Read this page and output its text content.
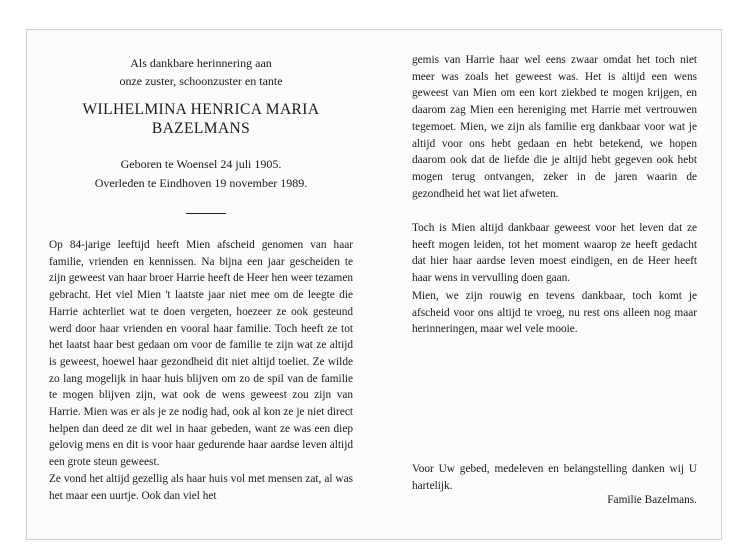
Als dankbare herinnering aan
onze zuster, schoonzuster en tante
WILHELMINA HENRICA MARIA
BAZELMANS
Geboren te Woensel 24 juli 1905.
Overleden te Eindhoven 19 november 1989.

Op 84-jarige leeftijd heeft Mien afscheid genomen van haar familie, vrienden en kennissen. Na bijna een jaar gescheiden te zijn geweest van haar broer Harrie heeft de Heer hen weer tezamen gebracht. Het viel Mien 't laatste jaar niet mee om de leegte die Harrie achterliet wat te doen vergeten, hoezeer ze ook gesteund werd door haar vrienden en vooral haar familie. Toch heeft ze tot het laatst haar best gedaan om voor de familie te zijn wat ze altijd is geweest, hoewel haar gezondheid dit niet altijd toeliet. Ze wilde zo lang mogelijk in haar huis blijven om zo de spil van de familie te mogen blijven zijn, wat ook de wens geweest zou zijn van Harrie. Mien was er als je ze nodig had, ook al kon ze je niet direct helpen dan deed ze dit wel in haar gebeden, want ze was een diep gelovig mens en dit is voor haar gedurende haar aardse leven altijd een grote steun geweest.

Ze vond het altijd gezellig als haar huis vol met mensen zat, al was het maar een uurtje. Ook dan viel het

gemis van Harrie haar wel eens zwaar omdat het toch niet meer was zoals het geweest was. Het is altijd een wens geweest van Mien om een kort ziekbed te mogen krijgen, en daarom zag Mien een hereniging met Harrie met vertrouwen tegemoet. Mien, we zijn als familie erg dankbaar voor wat je altijd voor ons hebt gedaan en hebt betekend, we hopen daarom ook dat de liefde die je altijd hebt gegeven ook hebt mogen terug ontvangen, zeker in de jaren waarin de gezondheid het wat liet afweten.

Toch is Mien altijd dankbaar geweest voor het leven dat ze heeft mogen leiden, tot het moment waarop ze heeft gedacht dat hier haar aardse leven moest eindigen, en de Heer heeft haar wens in vervulling doen gaan.

Mien, we zijn rouwig en tevens dankbaar, toch komt je afscheid voor ons altijd te vroeg, nu rest ons alleen nog maar herinneringen, maar wel vele mooie.

Voor Uw gebed, medeleven en belangstelling danken wij U hartelijk.

Familie Bazelmans.
